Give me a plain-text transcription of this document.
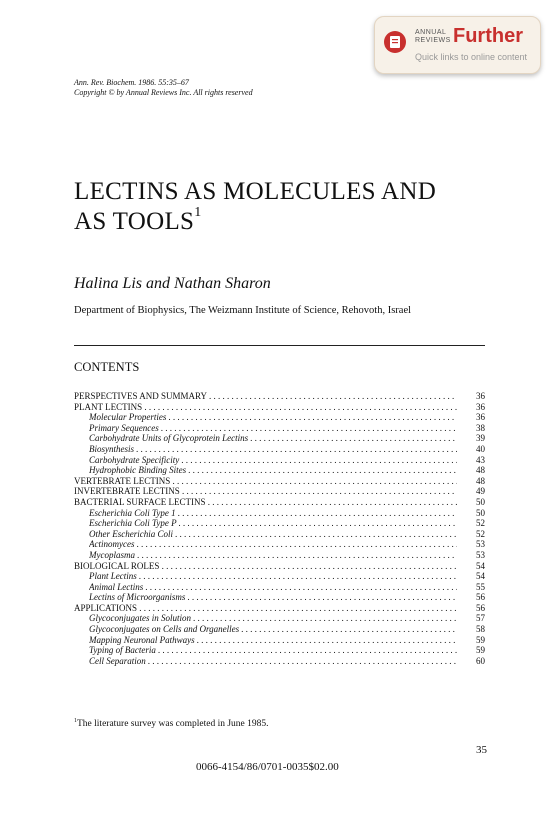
ANNUAL
REVIEWS Further
Quick links to online content
Ann. Rev. Biochem. 1986. 55:35–67
Copyright © by Annual Reviews Inc. All rights reserved
LECTINS AS MOLECULES AND
AS TOOLS$^1$
Halina Lis and Nathan Sharon
Department of Biophysics, The Weizmann Institute of Science, Rehovoth, Israel
CONTENTS
PERSPECTIVES AND SUMMARY . . .	36
PLANT LECTINS . . .	36
Molecular Properties . . .	36
Primary Sequences . . .	38
Carbohydrate Units of Glycoprotein Lectins . . .	39
Biosynthesis . . .	40
Carbohydrate Specificity . . .	43
Hydrophobic Binding Sites . . .	48
VERTEBRATE LECTINS . . .	48
INVERTEBRATE LECTINS . . .	49
BACTERIAL SURFACE LECTINS . . .	50
Escherichia Coli Type 1 . . .	50
Escherichia Coli Type P . . .	52
Other Escherichia Coli . . .	52
Actinomyces . . .	53
Mycoplasma . . .	53
BIOLOGICAL ROLES . . .	54
Plant Lectins . . .	54
Animal Lectins . . .	55
Lectins of Microorganisms . . .	56
APPLICATIONS . . .	56
Glycoconjugates in Solution . . .	57
Glycoconjugates on Cells and Organelles . . .	58
Mapping Neuronal Pathways . . .	59
Typing of Bacteria . . .	59
Cell Separation . . .	60
$^1$The literature survey was completed in June 1985.
35
0066-4154/86/0701-0035$02.00
